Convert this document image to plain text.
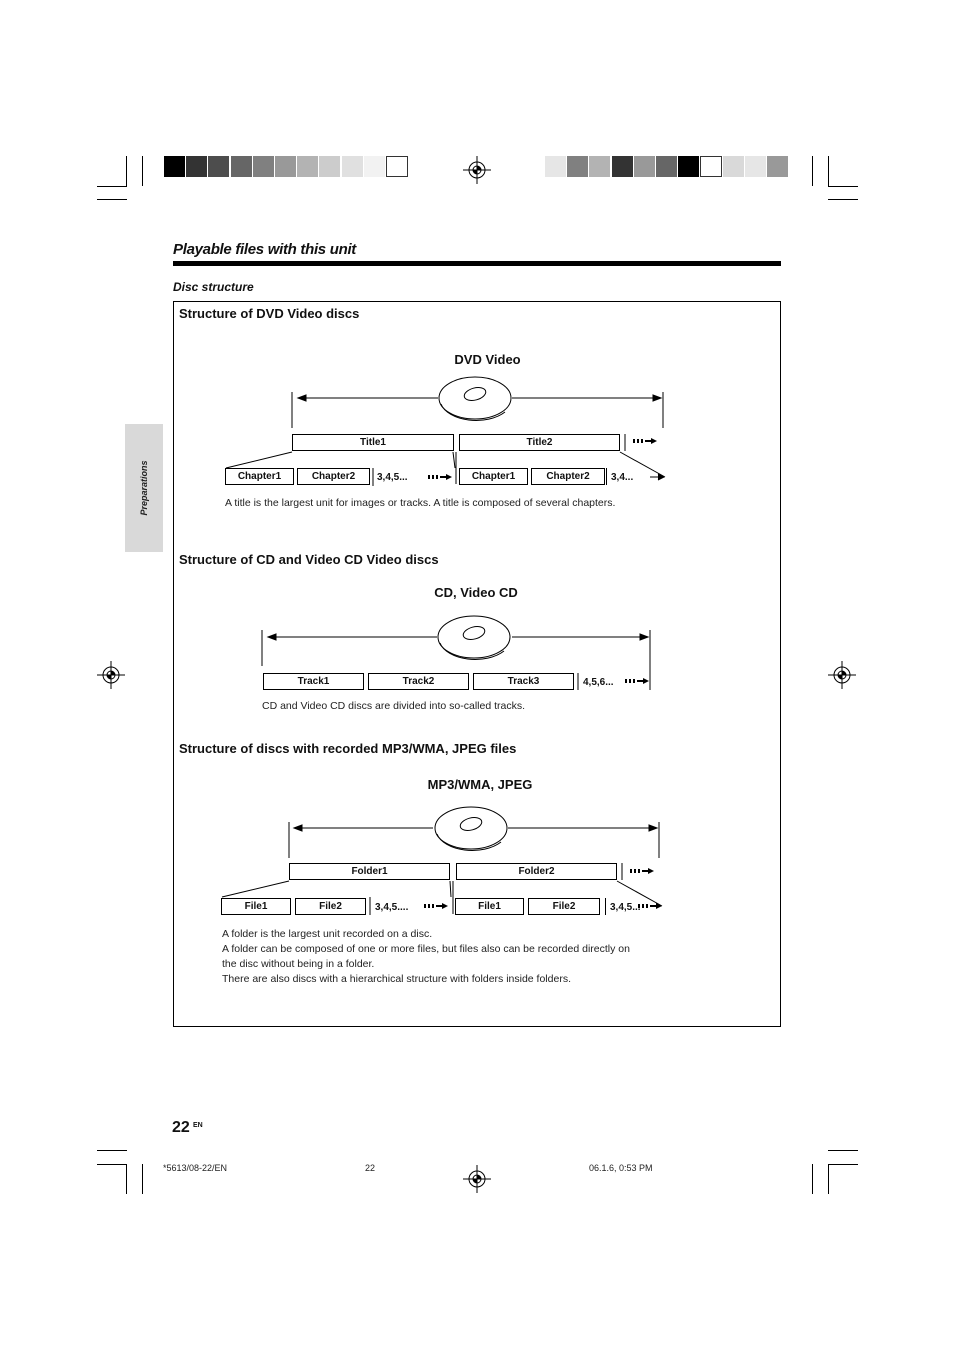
Playable files with this unit
Disc structure
Preparations
Structure of DVD Video discs
DVD Video
Title1	Title2
Chapter1	Chapter2	3,4,5...	Chapter1	Chapter2	3,4...
A title is the largest unit for images or tracks. A title is composed of several chapters.
Structure of CD and Video CD Video discs
CD, Video CD
Track1	Track2	Track3	4,5,6...
CD and Video CD discs are divided into so-called tracks.
Structure of discs with recorded MP3/WMA, JPEG files
MP3/WMA, JPEG
Folder1	Folder2
File1	File2	3,4,5....	File1	File2	3,4,5...
A folder is the largest unit recorded on a disc.
A folder can be composed of one or more files, but files also can be recorded directly on
the disc without being in a folder.
There are also discs with a hierarchical structure with folders inside folders.
22 EN
*5613/08-22/EN	22	06.1.6, 0:53 PM
